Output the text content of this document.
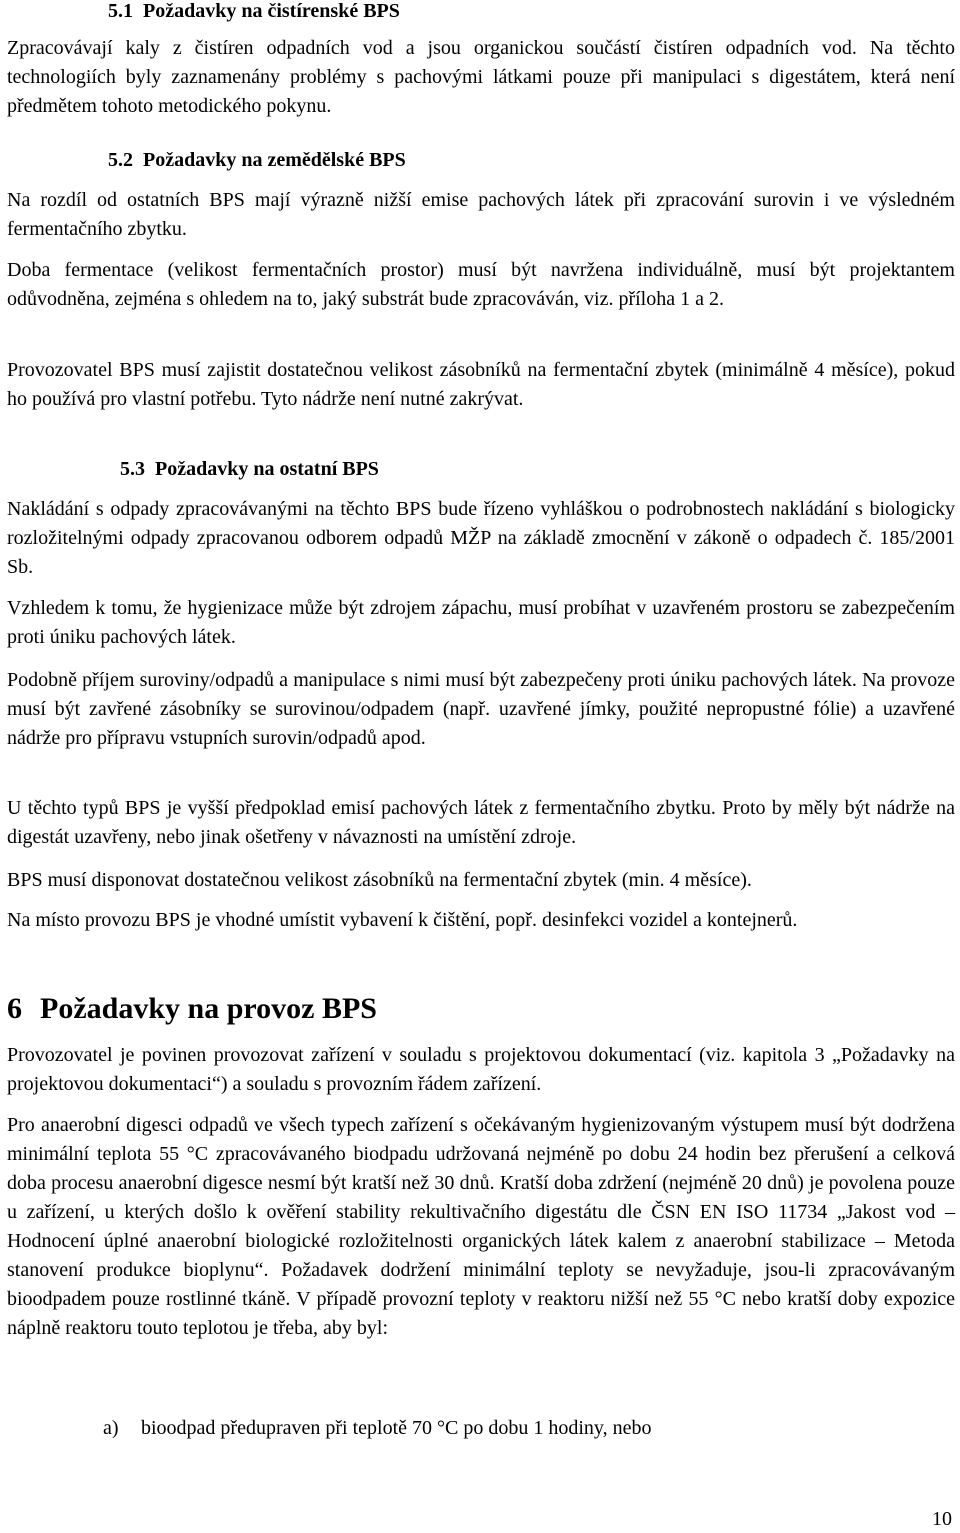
5.1 Požadavky na čistírenské BPS

Zpracovávají kaly z čistíren odpadních vod a jsou organickou součástí čistíren odpadních vod. Na těchto technologiích byly zaznamenány problémy s pachovými látkami pouze při manipulaci s digestátem, která není předmětem tohoto metodického pokynu.

5.2 Požadavky na zemědělské BPS

Na rozdíl od ostatních BPS mají výrazně nižší emise pachových látek při zpracování surovin i ve výsledném fermentačního zbytku.

Doba fermentace (velikost fermentačních prostor) musí být navržena individuálně, musí být projektantem odůvodněna, zejména s ohledem na to, jaký substrát bude zpracováván, viz. příloha 1 a 2.

Provozovatel BPS musí zajistit dostatečnou velikost zásobníků na fermentační zbytek (minimálně 4 měsíce), pokud ho používá pro vlastní potřebu. Tyto nádrže není nutné zakrývat.

5.3 Požadavky na ostatní BPS

Nakládání s odpady zpracovávanými na těchto BPS bude řízeno vyhláškou o podrobnostech nakládání s biologicky rozložitelnými odpady zpracovanou odborem odpadů MŽP na základě zmocnění v zákoně o odpadech č. 185/2001 Sb.

Vzhledem k tomu, že hygienizace může být zdrojem zápachu, musí probíhat v uzavřeném prostoru se zabezpečením proti úniku pachových látek.

Podobně příjem suroviny/odpadů a manipulace s nimi musí být zabezpečeny proti úniku pachových látek. Na provoze musí být zavřené zásobníky se surovinou/odpadem (např. uzavřené jímky, použité nepropustné fólie) a uzavřené nádrže pro přípravu vstupních surovin/odpadů apod.

U těchto typů BPS je vyšší předpoklad emisí pachových látek z fermentačního zbytku. Proto by měly být nádrže na digestát uzavřeny, nebo jinak ošetřeny v návaznosti na umístění zdroje.

BPS musí disponovat dostatečnou velikost zásobníků na fermentační zbytek (min. 4 měsíce).

Na místo provozu BPS je vhodné umístit vybavení k čištění, popř. desinfekci vozidel a kontejnerů.

6 Požadavky na provoz BPS

Provozovatel je povinen provozovat zařízení v souladu s projektovou dokumentací (viz. kapitola 3 „Požadavky na projektovou dokumentaci“) a souladu s provozním řádem zařízení.

Pro anaerobní digesci odpadů ve všech typech zařízení s očekávaným hygienizovaným výstupem musí být dodržena minimální teplota 55 °C zpracovávaného biodpadu udržovaná nejméně po dobu 24 hodin bez přerušení a celková doba procesu anaerobní digesce nesmí být kratší než 30 dnů. Kratší doba zdržení (nejméně 20 dnů) je povolena pouze u zařízení, u kterých došlo k ověření stability rekultivačního digestátu dle ČSN EN ISO 11734 „Jakost vod – Hodnocení úplné anaerobní biologické rozložitelnosti organických látek kalem z anaerobní stabilizace – Metoda stanovení produkce bioplynu“. Požadavek dodržení minimální teploty se nevyžaduje, jsou-li zpracovávaným bioodpadem pouze rostlinné tkáně. V případě provozní teploty v reaktoru nižší než 55 °C nebo kratší doby expozice náplně reaktoru touto teplotou je třeba, aby byl:

a) bioodpad předupraven při teplotě 70 °C po dobu 1 hodiny, nebo
10
